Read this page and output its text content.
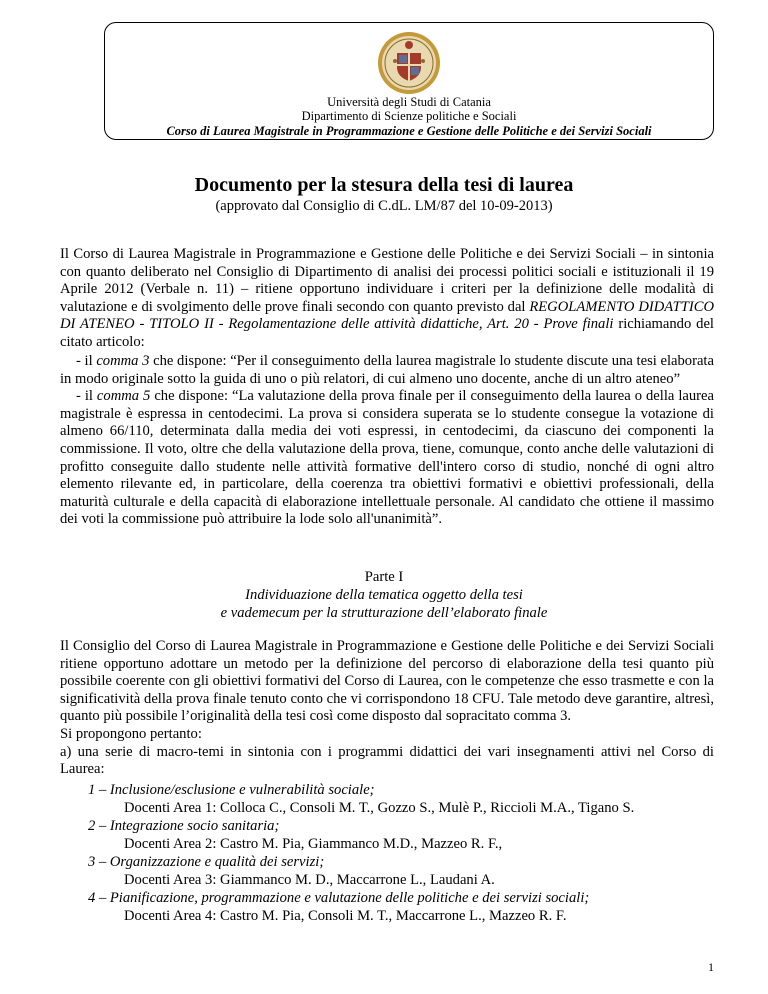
Università degli Studi di Catania
Dipartimento di Scienze politiche e Sociali
Corso di Laurea Magistrale in Programmazione e Gestione delle Politiche e dei Servizi Sociali
Documento per la stesura della tesi di laurea
(approvato dal Consiglio di C.dL. LM/87 del 10-09-2013)

Il Corso di Laurea Magistrale in Programmazione e Gestione delle Politiche e dei Servizi Sociali – in sintonia con quanto deliberato nel Consiglio di Dipartimento di analisi dei processi politici sociali e istituzionali il 19 Aprile 2012 (Verbale n. 11) – ritiene opportuno individuare i criteri per la definizione delle modalità di valutazione e di svolgimento delle prove finali secondo con quanto previsto dal REGOLAMENTO DIDATTICO DI ATENEO - TITOLO II - Regolamentazione delle attività didattiche, Art. 20 - Prove finali richiamando del citato articolo:

- il comma 3 che dispone: “Per il conseguimento della laurea magistrale lo studente discute una tesi elaborata in modo originale sotto la guida di uno o più relatori, di cui almeno uno docente, anche di un altro ateneo”

- il comma 5 che dispone: “La valutazione della prova finale per il conseguimento della laurea o della laurea magistrale è espressa in centodecimi. La prova si considera superata se lo studente consegue la votazione di almeno 66/110, determinata dalla media dei voti espressi, in centodecimi, da ciascuno dei componenti la commissione. Il voto, oltre che della valutazione della prova, tiene, comunque, conto anche delle valutazioni di profitto conseguite dallo studente nelle attività formative dell'intero corso di studio, nonché di ogni altro elemento rilevante ed, in particolare, della coerenza tra obiettivi formativi e obiettivi professionali, della maturità culturale e della capacità di elaborazione intellettuale personale. Al candidato che ottiene il massimo dei voti la commissione può attribuire la lode solo all'unanimità”.

Parte I
Individuazione della tematica oggetto della tesi
e vademecum per la strutturazione dell’elaborato finale

Il Consiglio del Corso di Laurea Magistrale in Programmazione e Gestione delle Politiche e dei Servizi Sociali ritiene opportuno adottare un metodo per la definizione del percorso di elaborazione della tesi quanto più possibile coerente con gli obiettivi formativi del Corso di Laurea, con le competenze che esso trasmette e con la significatività della prova finale tenuto conto che vi corrispondono 18 CFU. Tale metodo deve garantire, altresì, quanto più possibile l’originalità della tesi così come disposto dal sopracitato comma 3.

Si propongono pertanto:

a) una serie di macro-temi in sintonia con i programmi didattici dei vari insegnamenti attivi nel Corso di Laurea:

1 – Inclusione/esclusione e vulnerabilità sociale;
Docenti Area 1: Colloca C., Consoli M. T., Gozzo S., Mulè P., Riccioli M.A., Tigano S.
2 – Integrazione socio sanitaria;
Docenti Area 2: Castro M. Pia, Giammanco M.D., Mazzeo R. F.,
3 – Organizzazione e qualità dei servizi;
Docenti Area 3: Giammanco M. D., Maccarrone L., Laudani A.
4 – Pianificazione, programmazione e valutazione delle politiche e dei servizi sociali;
Docenti Area 4: Castro M. Pia, Consoli M. T., Maccarrone L., Mazzeo R. F.
1
